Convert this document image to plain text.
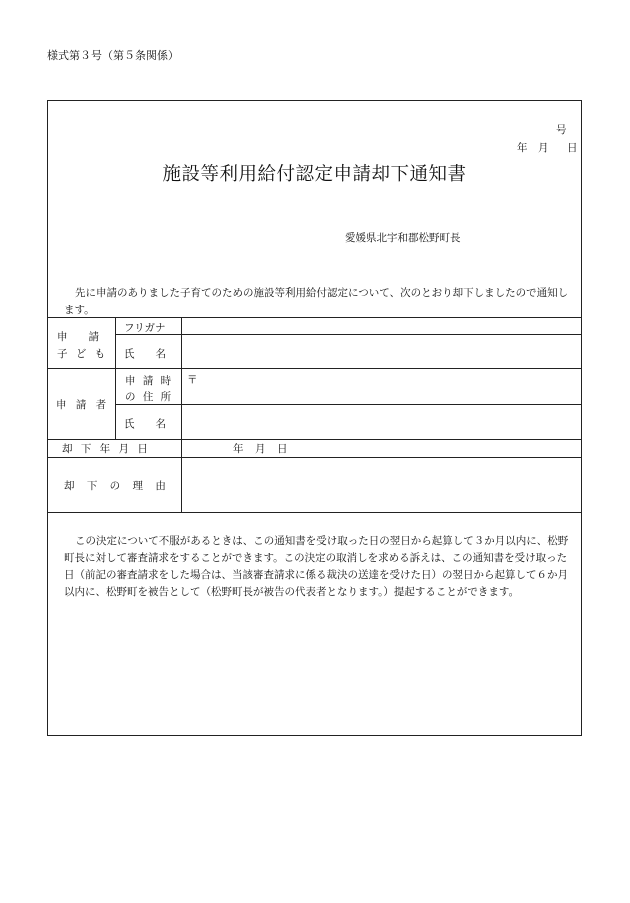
様式第３号（第５条関係）
号
年 月 日
施設等利用給付認定申請却下通知書
愛媛県北宇和郡松野町長
先に申請のありました子育てのための施設等利用給付認定について、次のとおり却下しましたので通知します。
申　　請
子 ど も
フリガナ
氏　　名
申 請 者
申 請 時
の 住 所
〒
氏　　名
却 下 年 月 日	年 月 日
却 下 の 理 由
この決定について不服があるときは、この通知書を受け取った日の翌日から起算して３か月以内に、松野町長に対して審査請求をすることができます。この決定の取消しを求める訴えは、この通知書を受け取った日（前記の審査請求をした場合は、当該審査請求に係る裁決の送達を受けた日）の翌日から起算して６か月以内に、松野町を被告として（松野町長が被告の代表者となります。）提起することができます。
